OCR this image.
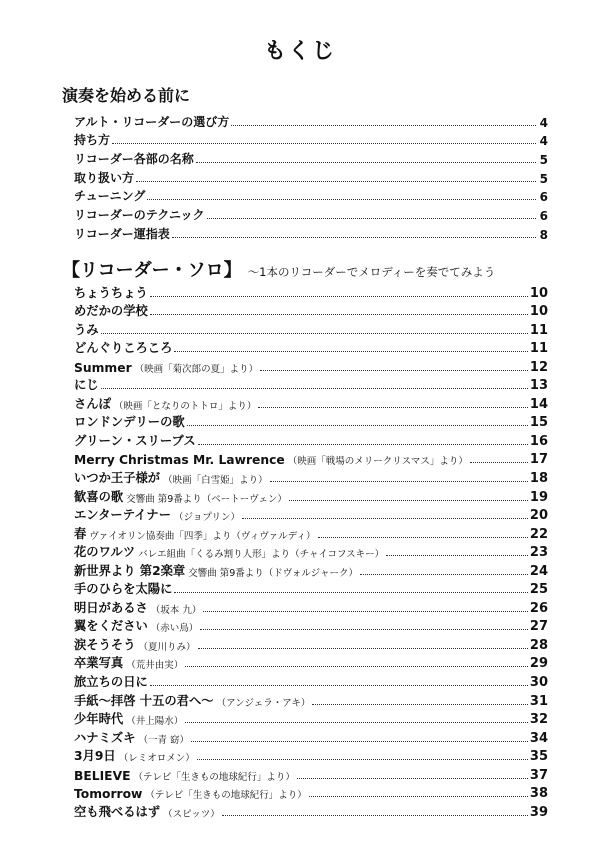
もくじ
演奏を始める前に
アルト・リコーダーの選び方	4
持ち方	4
リコーダー各部の名称	5
取り扱い方	5
チューニング	6
リコーダーのテクニック	6
リコーダー運指表	8
【リコーダー・ソロ】 ～1本のリコーダーでメロディーを奏でてみよう
ちょうちょう	10
めだかの学校	10
うみ	11
どんぐりころころ	11
Summer （映画「菊次郎の夏」より）	12
にじ	13
さんぽ （映画「となりのトトロ」より）	14
ロンドンデリーの歌	15
グリーン・スリーブス	16
Merry Christmas Mr. Lawrence （映画「戦場のメリークリスマス」より）	17
いつか王子様が （映画「白雪姫」より）	18
歓喜の歌 交響曲 第9番より（ベートーヴェン）	19
エンターテイナー （ジョプリン）	20
春 ヴァイオリン協奏曲「四季」より（ヴィヴァルディ）	22
花のワルツ バレエ組曲「くるみ割り人形」より（チャイコフスキー）	23
新世界より 第2楽章 交響曲 第9番より（ドヴォルジャーク）	24
手のひらを太陽に	25
明日があるさ （坂本 九）	26
翼をください （赤い鳥）	27
涙そうそう （夏川りみ）	28
卒業写真 （荒井由実）	29
旅立ちの日に	30
手紙～拝啓 十五の君へ～ （アンジェラ・アキ）	31
少年時代 （井上陽水）	32
ハナミズキ （一青 窈）	34
3月9日 （レミオロメン）	35
BELIEVE （テレビ「生きもの地球紀行」より）	37
Tomorrow （テレビ「生きもの地球紀行」より）	38
空も飛べるはず （スピッツ）	39
